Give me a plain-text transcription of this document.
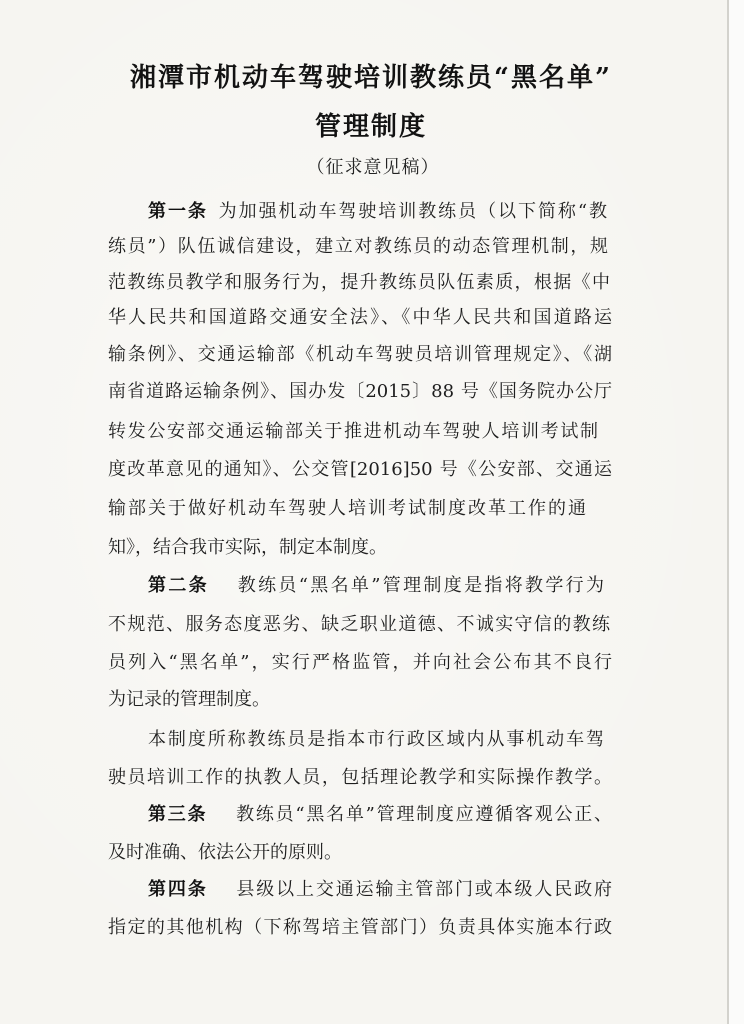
湘潭市机动车驾驶培训教练员“黑名单”
管理制度
（征求意见稿）
第一条 为加强机动车驾驶培训教练员（以下简称“教
练员”）队伍诚信建设，建立对教练员的动态管理机制，规
范教练员教学和服务行为，提升教练员队伍素质，根据《中
华人民共和国道路交通安全法》、《中华人民共和国道路运
输条例》、交通运输部《机动车驾驶员培训管理规定》、《湖
南省道路运输条例》、国办发〔2015〕88 号《国务院办公厅
转发公安部交通运输部关于推进机动车驾驶人培训考试制
度改革意见的通知》、公交管[2016]50 号《公安部、交通运
输部关于做好机动车驾驶人培训考试制度改革工作的通
知》，结合我市实际，制定本制度。
第二条 教练员“黑名单”管理制度是指将教学行为
不规范、服务态度恶劣、缺乏职业道德、不诚实守信的教练
员列入“黑名单”，实行严格监管，并向社会公布其不良行
为记录的管理制度。
本制度所称教练员是指本市行政区域内从事机动车驾
驶员培训工作的执教人员，包括理论教学和实际操作教学。
第三条 教练员“黑名单”管理制度应遵循客观公正、
及时准确、依法公开的原则。
第四条 县级以上交通运输主管部门或本级人民政府
指定的其他机构（下称驾培主管部门）负责具体实施本行政
